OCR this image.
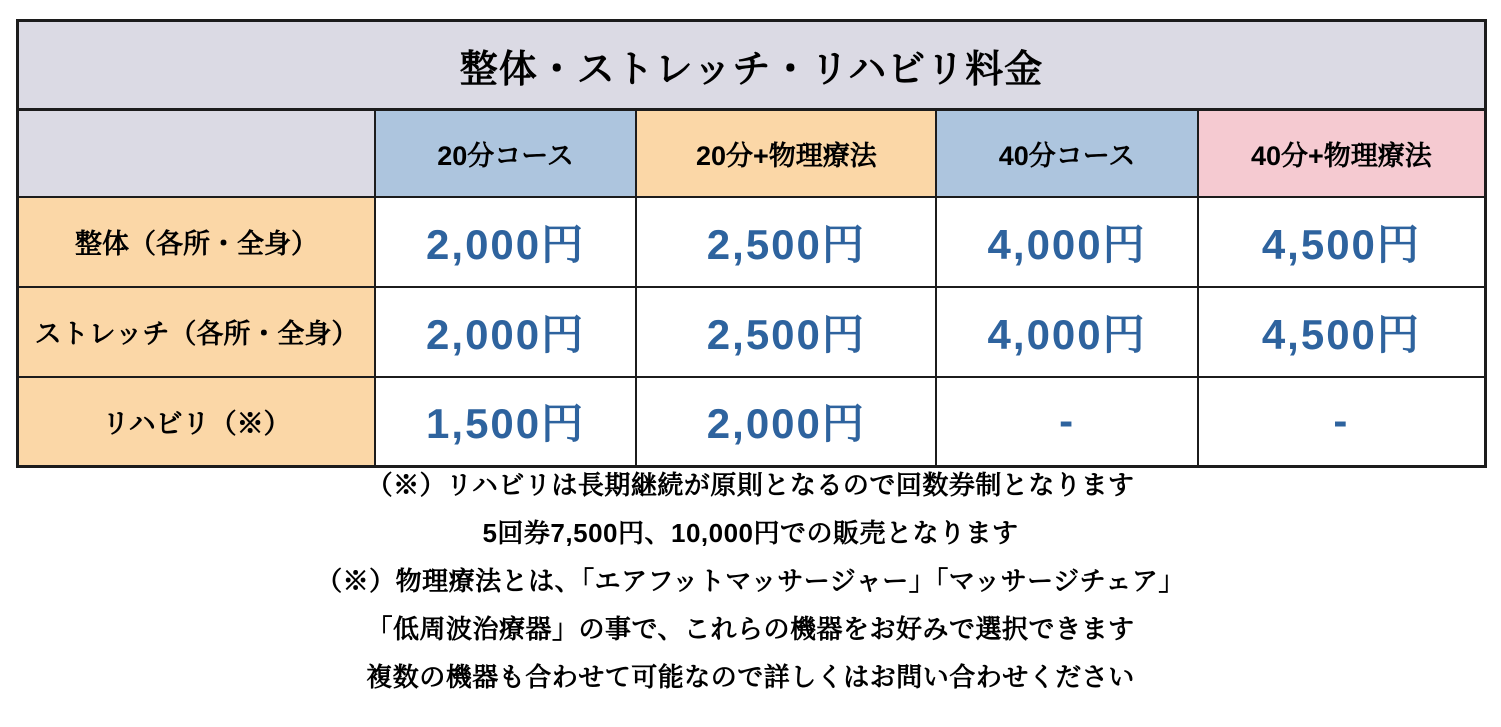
整体・ストレッチ・リハビリ料金				
	20分コース	20分+物理療法	40分コース	40分+物理療法
整体（各所・全身）	2,000円	2,500円	4,000円	4,500円
ストレッチ（各所・全身）	2,000円	2,500円	4,000円	4,500円
リハビリ（※）	1,500円	2,000円	-	-

（※）リハビリは長期継続が原則となるので回数券制となります

5回券7,500円、10,000円での販売となります

（※）物理療法とは、「エアフットマッサージャー」「マッサージチェア」

「低周波治療器」の事で、これらの機器をお好みで選択できます

複数の機器も合わせて可能なので詳しくはお問い合わせください
